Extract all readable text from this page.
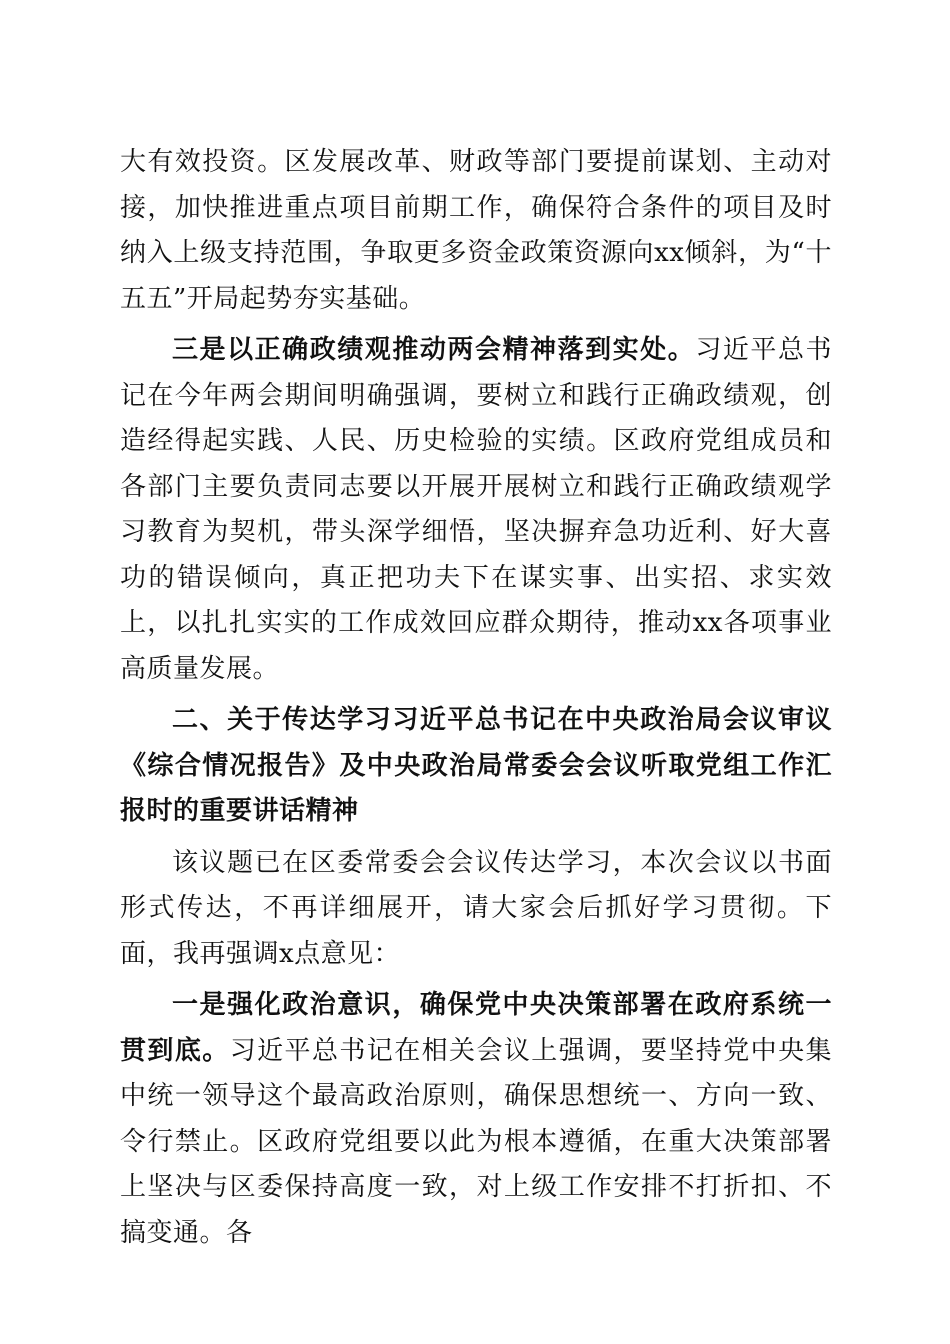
大有效投资。区发展改革、财政等部门要提前谋划、主动对接，加快推进重点项目前期工作，确保符合条件的项目及时纳入上级支持范围，争取更多资金政策资源向xx倾斜，为“十五五”开局起势夯实基础。

三是以正确政绩观推动两会精神落到实处。习近平总书记在今年两会期间明确强调，要树立和践行正确政绩观，创造经得起实践、人民、历史检验的实绩。区政府党组成员和各部门主要负责同志要以开展开展树立和践行正确政绩观学习教育为契机，带头深学细悟，坚决摒弃急功近利、好大喜功的错误倾向，真正把功夫下在谋实事、出实招、求实效上，以扎扎实实的工作成效回应群众期待，推动xx各项事业高质量发展。

二、关于传达学习习近平总书记在中央政治局会议审议《综合情况报告》及中央政治局常委会会议听取党组工作汇报时的重要讲话精神

该议题已在区委常委会会议传达学习，本次会议以书面形式传达，不再详细展开，请大家会后抓好学习贯彻。下面，我再强调x点意见：

一是强化政治意识，确保党中央决策部署在政府系统一贯到底。习近平总书记在相关会议上强调，要坚持党中央集中统一领导这个最高政治原则，确保思想统一、方向一致、令行禁止。区政府党组要以此为根本遵循，在重大决策部署上坚决与区委保持高度一致，对上级工作安排不打折扣、不搞变通。各
